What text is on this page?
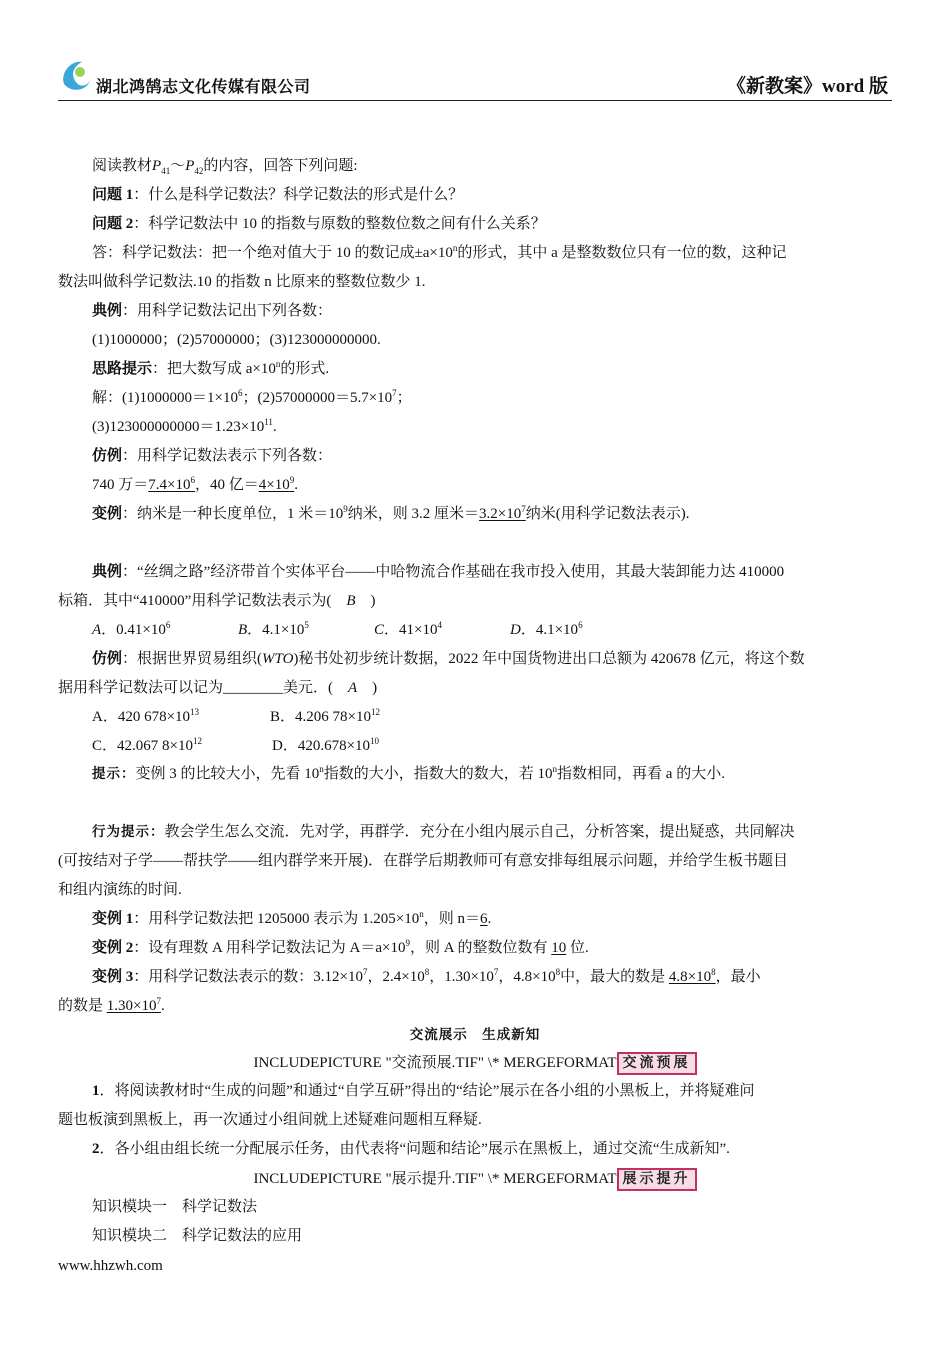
湖北鸿鹄志文化传媒有限公司	《新教案》word 版
阅读教材$P_{41}\sim P_{42}$的内容，回答下列问题:
问题 1：什么是科学记数法？科学记数法的形式是什么？
问题 2：科学记数法中 10 的指数与原数的整数位数之间有什么关系？
答：科学记数法：把一个绝对值大于 10 的数记成$\pm a\times 10^n$的形式，其中 a 是整数数位只有一位的数，这种记
数法叫做科学记数法.10 的指数 n 比原来的整数位数少 1.
典例：用科学记数法记出下列各数：
(1)1000000；(2)57000000；(3)123000000000.
思路提示：把大数写成 $a\times 10^n$的形式.
解：$(1)1000000=1\times 10^6$；$(2)57000000=5.7\times 10^7$；
$(3)123000000000=1.23\times 10^{11}$.
仿例：用科学记数法表示下列各数：
740 万$=7.4\times 10^6$，40 亿$=4\times 10^9$.
变例：纳米是一种长度单位，1 米$=10^9$纳米，则 3.2 厘米$=3.2\times 10^7$纳米(用科学记数法表示).
典例：“丝绸之路”经济带首个实体平台——中哈物流合作基础在我市投入使用，其最大装卸能力达 410000
标箱．其中“410000”用科学记数法表示为(　B　)
A．$0.41\times 10^6$	B．$4.1\times 10^5$	C．$41\times 10^4$	D．$4.1\times 10^6$
仿例：根据世界贸易组织(WTO)秘书处初步统计数据，2022 年中国货物进出口总额为 420678 亿元，将这个数
据用科学记数法可以记为________美元．(　A　)
A．420 $678\times 10^{13}$	B．4.206 $78\times 10^{12}$
C．42.067 $8\times 10^{12}$	D．$420.678\times 10^{10}$
提示：变例 3 的比较大小，先看 10$^n$指数的大小，指数大的数大，若 10$^n$指数相同，再看 a 的大小.
行为提示：教会学生怎么交流．先对学，再群学．充分在小组内展示自己，分析答案，提出疑惑，共同解决
(可按结对子学——帮扶学——组内群学来开展)．在群学后期教师可有意安排每组展示问题，并给学生板书题目
和组内演练的时间.
变例 1：用科学记数法把 1205000 表示为 $1.205\times 10^n$，则 n＝6.
变例 2：设有理数 A 用科学记数法记为 $A=a\times 10^9$，则 A 的整数位数有 10 位.
变例 3：用科学记数法表示的数：$3.12\times 10^7$，$2.4\times 10^8$，$1.30\times 10^7$，$4.8\times 10^8$中，最大的数是 $4.8\times 10^8$，最小
的数是 $1.30\times 10^7$.
交流展示　生成新知
INCLUDEPICTURE "交流预展.TIF" \* MERGEFORMAT 交流预展
1．将阅读教材时“生成的问题”和通过“自学互研”得出的“结论”展示在各小组的小黑板上，并将疑难问
题也板演到黑板上，再一次通过小组间就上述疑难问题相互释疑.
2．各小组由组长统一分配展示任务，由代表将“问题和结论”展示在黑板上，通过交流“生成新知”.
INCLUDEPICTURE "展示提升.TIF" \* MERGEFORMAT 展示提升
知识模块一　科学记数法
知识模块二　科学记数法的应用
www.hhzwh.com
